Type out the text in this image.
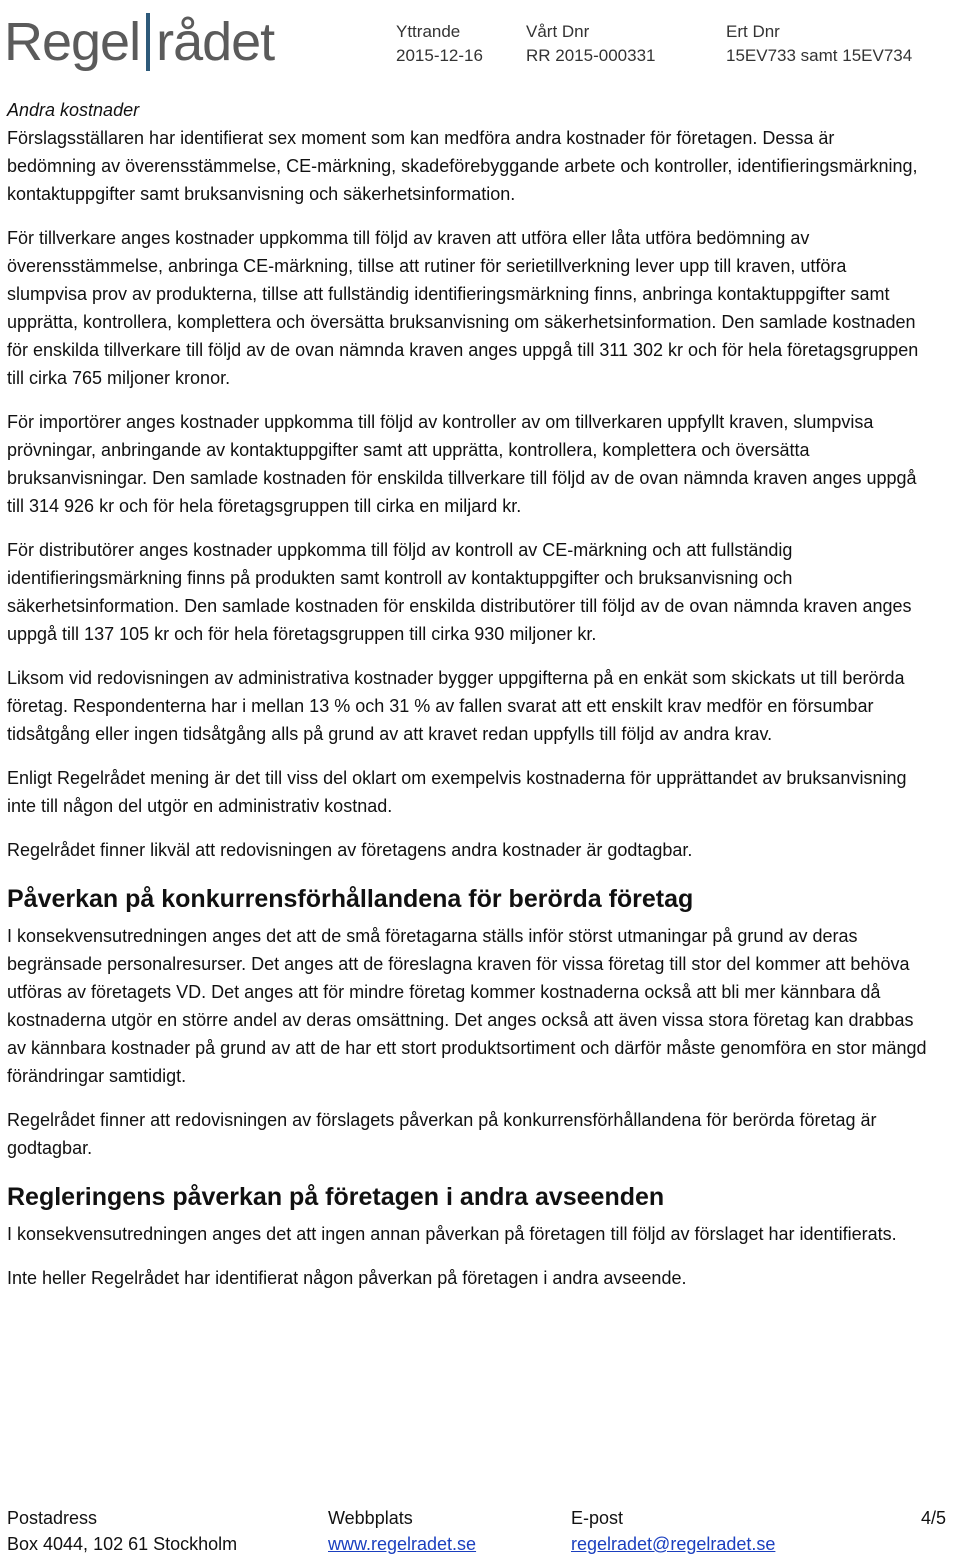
Regel rådet	Yttrande
2015-12-16
Vårt Dnr
RR 2015-000331
Ert Dnr
15EV733 samt 15EV734
Andra kostnader

Förslagsställaren har identifierat sex moment som kan medföra andra kostnader för företagen. Dessa är bedömning av överensstämmelse, CE-märkning, skadeförebyggande arbete och kontroller, identifieringsmärkning, kontaktuppgifter samt bruksanvisning och säkerhetsinformation.

För tillverkare anges kostnader uppkomma till följd av kraven att utföra eller låta utföra bedömning av överensstämmelse, anbringa CE-märkning, tillse att rutiner för serietillverkning lever upp till kraven, utföra slumpvisa prov av produkterna, tillse att fullständig identifieringsmärkning finns, anbringa kontaktuppgifter samt upprätta, kontrollera, komplettera och översätta bruksanvisning om säkerhetsinformation. Den samlade kostnaden för enskilda tillverkare till följd av de ovan nämnda kraven anges uppgå till 311 302 kr och för hela företagsgruppen till cirka 765 miljoner kronor.

För importörer anges kostnader uppkomma till följd av kontroller av om tillverkaren uppfyllt kraven, slumpvisa prövningar, anbringande av kontaktuppgifter samt att upprätta, kontrollera, komplettera och översätta bruksanvisningar. Den samlade kostnaden för enskilda tillverkare till följd av de ovan nämnda kraven anges uppgå till 314 926 kr och för hela företagsgruppen till cirka en miljard kr.

För distributörer anges kostnader uppkomma till följd av kontroll av CE-märkning och att fullständig identifieringsmärkning finns på produkten samt kontroll av kontaktuppgifter och bruksanvisning och säkerhetsinformation. Den samlade kostnaden för enskilda distributörer till följd av de ovan nämnda kraven anges uppgå till 137 105 kr och för hela företagsgruppen till cirka 930 miljoner kr.

Liksom vid redovisningen av administrativa kostnader bygger uppgifterna på en enkät som skickats ut till berörda företag. Respondenterna har i mellan 13 % och 31 % av fallen svarat att ett enskilt krav medför en försumbar tidsåtgång eller ingen tidsåtgång alls på grund av att kravet redan uppfylls till följd av andra krav.

Enligt Regelrådet mening är det till viss del oklart om exempelvis kostnaderna för upprättandet av bruksanvisning inte till någon del utgör en administrativ kostnad.

Regelrådet finner likväl att redovisningen av företagens andra kostnader är godtagbar.

Påverkan på konkurrensförhållandena för berörda företag

I konsekvensutredningen anges det att de små företagarna ställs inför störst utmaningar på grund av deras begränsade personalresurser. Det anges att de föreslagna kraven för vissa företag till stor del kommer att behöva utföras av företagets VD. Det anges att för mindre företag kommer kostnaderna också att bli mer kännbara då kostnaderna utgör en större andel av deras omsättning. Det anges också att även vissa stora företag kan drabbas av kännbara kostnader på grund av att de har ett stort produktsortiment och därför måste genomföra en stor mängd förändringar samtidigt.

Regelrådet finner att redovisningen av förslagets påverkan på konkurrensförhållandena för berörda företag är godtagbar.

Regleringens påverkan på företagen i andra avseenden

I konsekvensutredningen anges det att ingen annan påverkan på företagen till följd av förslaget har identifierats.

Inte heller Regelrådet har identifierat någon påverkan på företagen i andra avseende.

Postadress
Box 4044, 102 61 Stockholm
Webbplats
www.regelradet.se
E-post
regelradet@regelradet.se
4/5
